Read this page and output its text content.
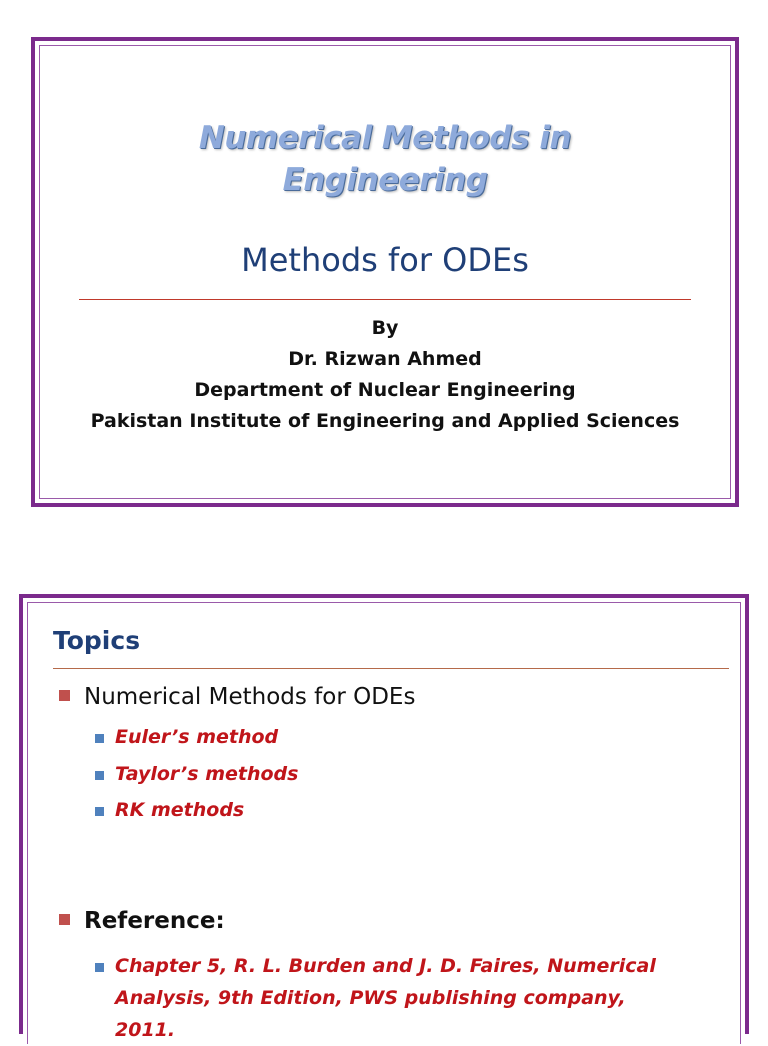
Numerical Methods in
Engineering
Methods for ODEs
By
Dr. Rizwan Ahmed
Department of Nuclear Engineering
Pakistan Institute of Engineering and Applied Sciences
Topics
Numerical Methods for ODEs
Euler’s method
Taylor’s methods
RK methods
Reference:
Chapter 5, R. L. Burden and J. D. Faires, Numerical Analysis, 9th Edition, PWS publishing company, 2011.
